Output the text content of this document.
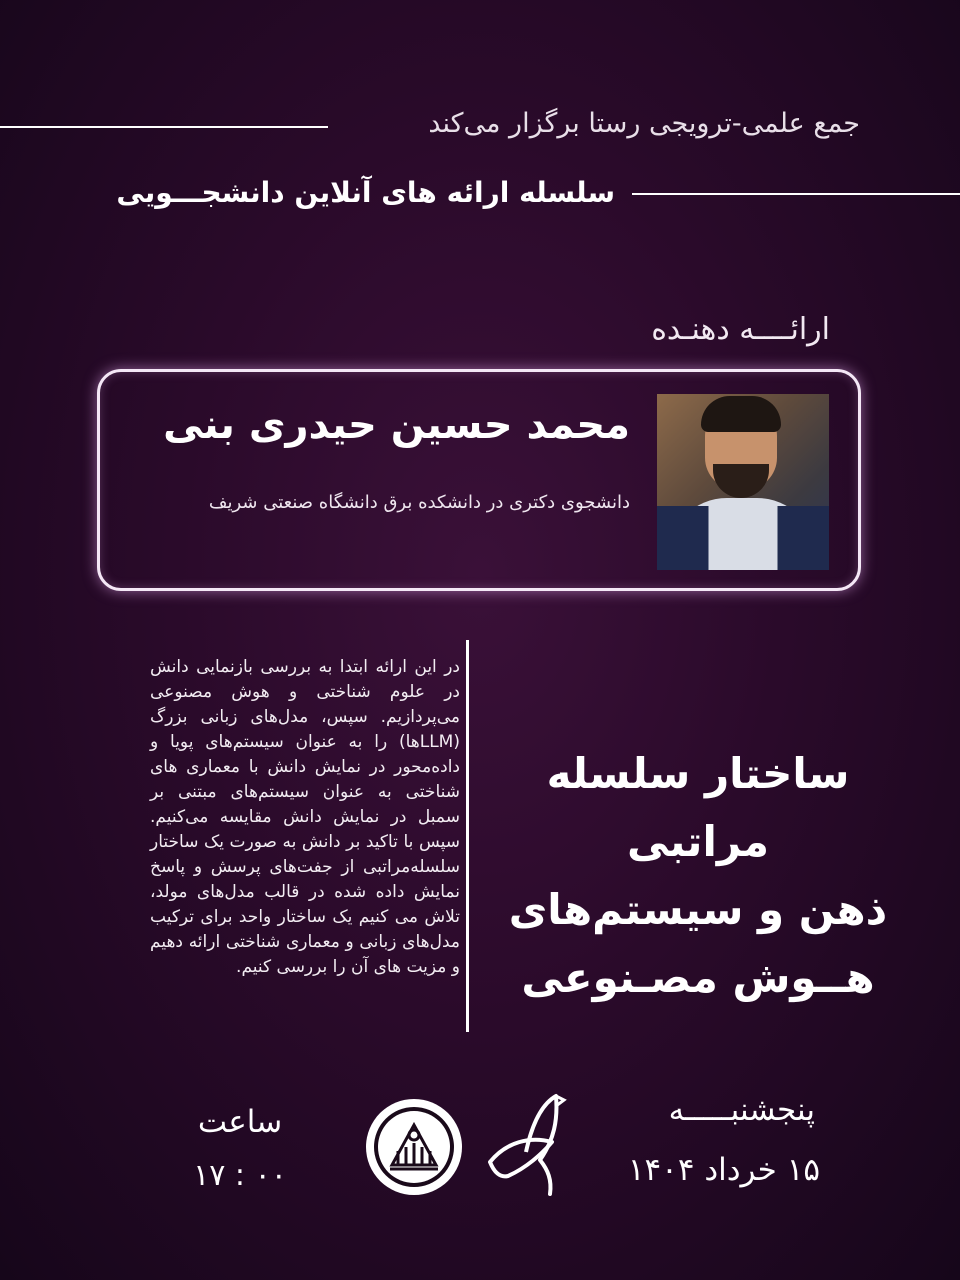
جمع علمی-ترویجی رستا برگزار می‌کند
سلسله ارائه های آنلاین دانشجـــویی
ارائــــه دهنـده
محمد حسین حیدری بنی
دانشجوی دکتری در دانشکده برق دانشگاه صنعتی شریف
در این ارائه ابتدا به بررسی بازنمایی دانش در علوم شناختی و هوش مصنوعی می‌پردازیم. سپس، مدل‌های زبانی بزرگ (LLMها) را به عنوان سیستم‌های پویا و داده‌محور در نمایش دانش با معماری های شناختی به عنوان سیستم‌های مبتنی بر سمبل در نمایش دانش مقایسه می‌کنیم. سپس با تاکید بر دانش به صورت یک ساختار سلسله‌مراتبی از جفت‌های پرسش و پاسخ نمایش داده شده در قالب مدل‌های مولد، تلاش می کنیم یک ساختار واحد برای ترکیب مدل‌های زبانی و معماری شناختی ارائه دهیم و مزیت های آن را بررسی کنیم.
ساختار سلسله مراتبی
ذهن و سیستم‌های
هــوش مصـنوعی
پنجشنبـــــه
۱۵ خرداد ۱۴۰۴
ساعت
۱۷ : ۰۰
